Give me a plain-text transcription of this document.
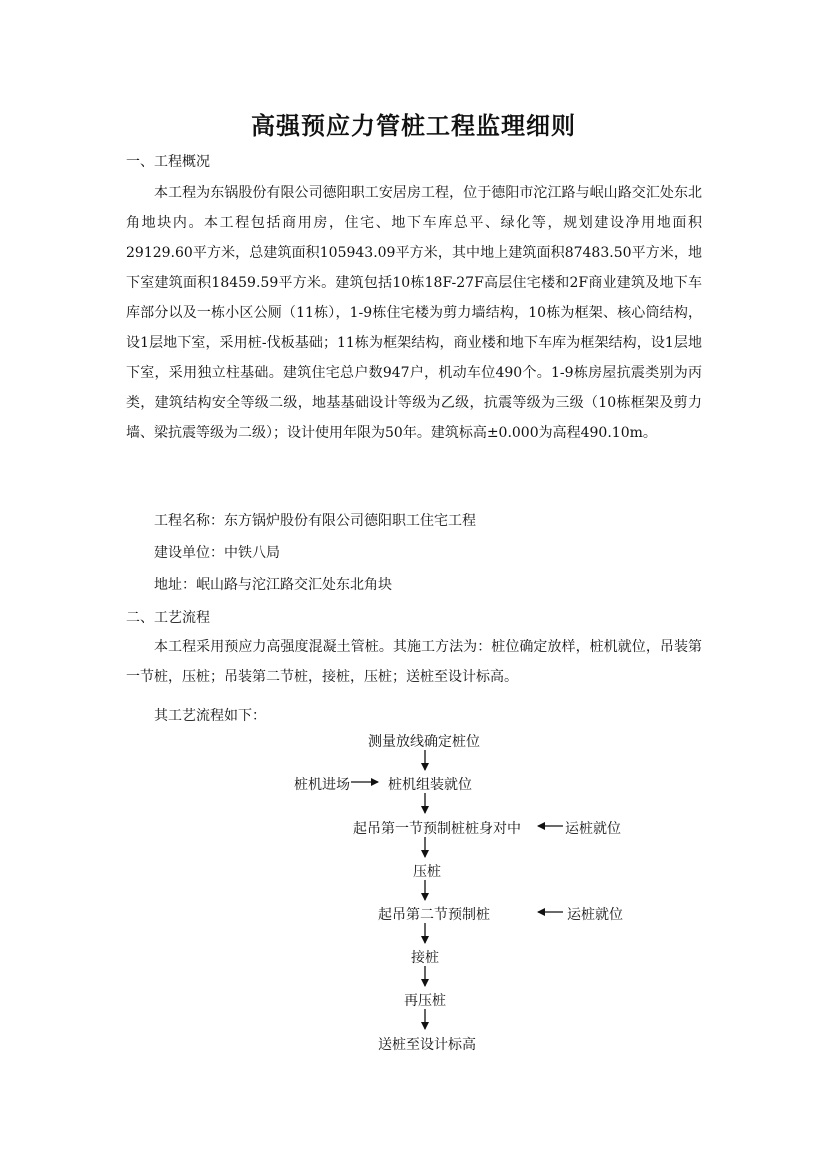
高强预应力管桩工程监理细则
一、工程概况

本工程为东锅股份有限公司德阳职工安居房工程，位于德阳市沱江路与岷山路交汇处东北角地块内。本工程包括商用房，住宅、地下车库总平、绿化等，规划建设净用地面积29129.60平方米，总建筑面积105943.09平方米，其中地上建筑面积87483.50平方米，地下室建筑面积18459.59平方米。建筑包括10栋18F-27F高层住宅楼和2F商业建筑及地下车库部分以及一栋小区公厕（11栋），1-9栋住宅楼为剪力墙结构，10栋为框架、核心筒结构，设1层地下室，采用桩-伐板基础；11栋为框架结构，商业楼和地下车库为框架结构，设1层地下室，采用独立柱基础。建筑住宅总户数947户，机动车位490个。1-9栋房屋抗震类别为丙类，建筑结构安全等级二级，地基基础设计等级为乙级，抗震等级为三级（10栋框架及剪力墙、梁抗震等级为二级）；设计使用年限为50年。建筑标高±0.000为高程490.10m。

工程名称：东方锅炉股份有限公司德阳职工住宅工程
建设单位：中铁八局
地址：岷山路与沱江路交汇处东北角块
二、工艺流程

本工程采用预应力高强度混凝土管桩。其施工方法为：桩位确定放样，桩机就位，吊装第一节桩，压桩；吊装第二节桩，接桩，压桩；送桩至设计标高。

其工艺流程如下：
测量放线确定桩位
桩机进场	桩机组装就位
起吊第一节预制桩桩身对中	运桩就位
压桩
起吊第二节预制桩	运桩就位
接桩
再压桩
送桩至设计标高
